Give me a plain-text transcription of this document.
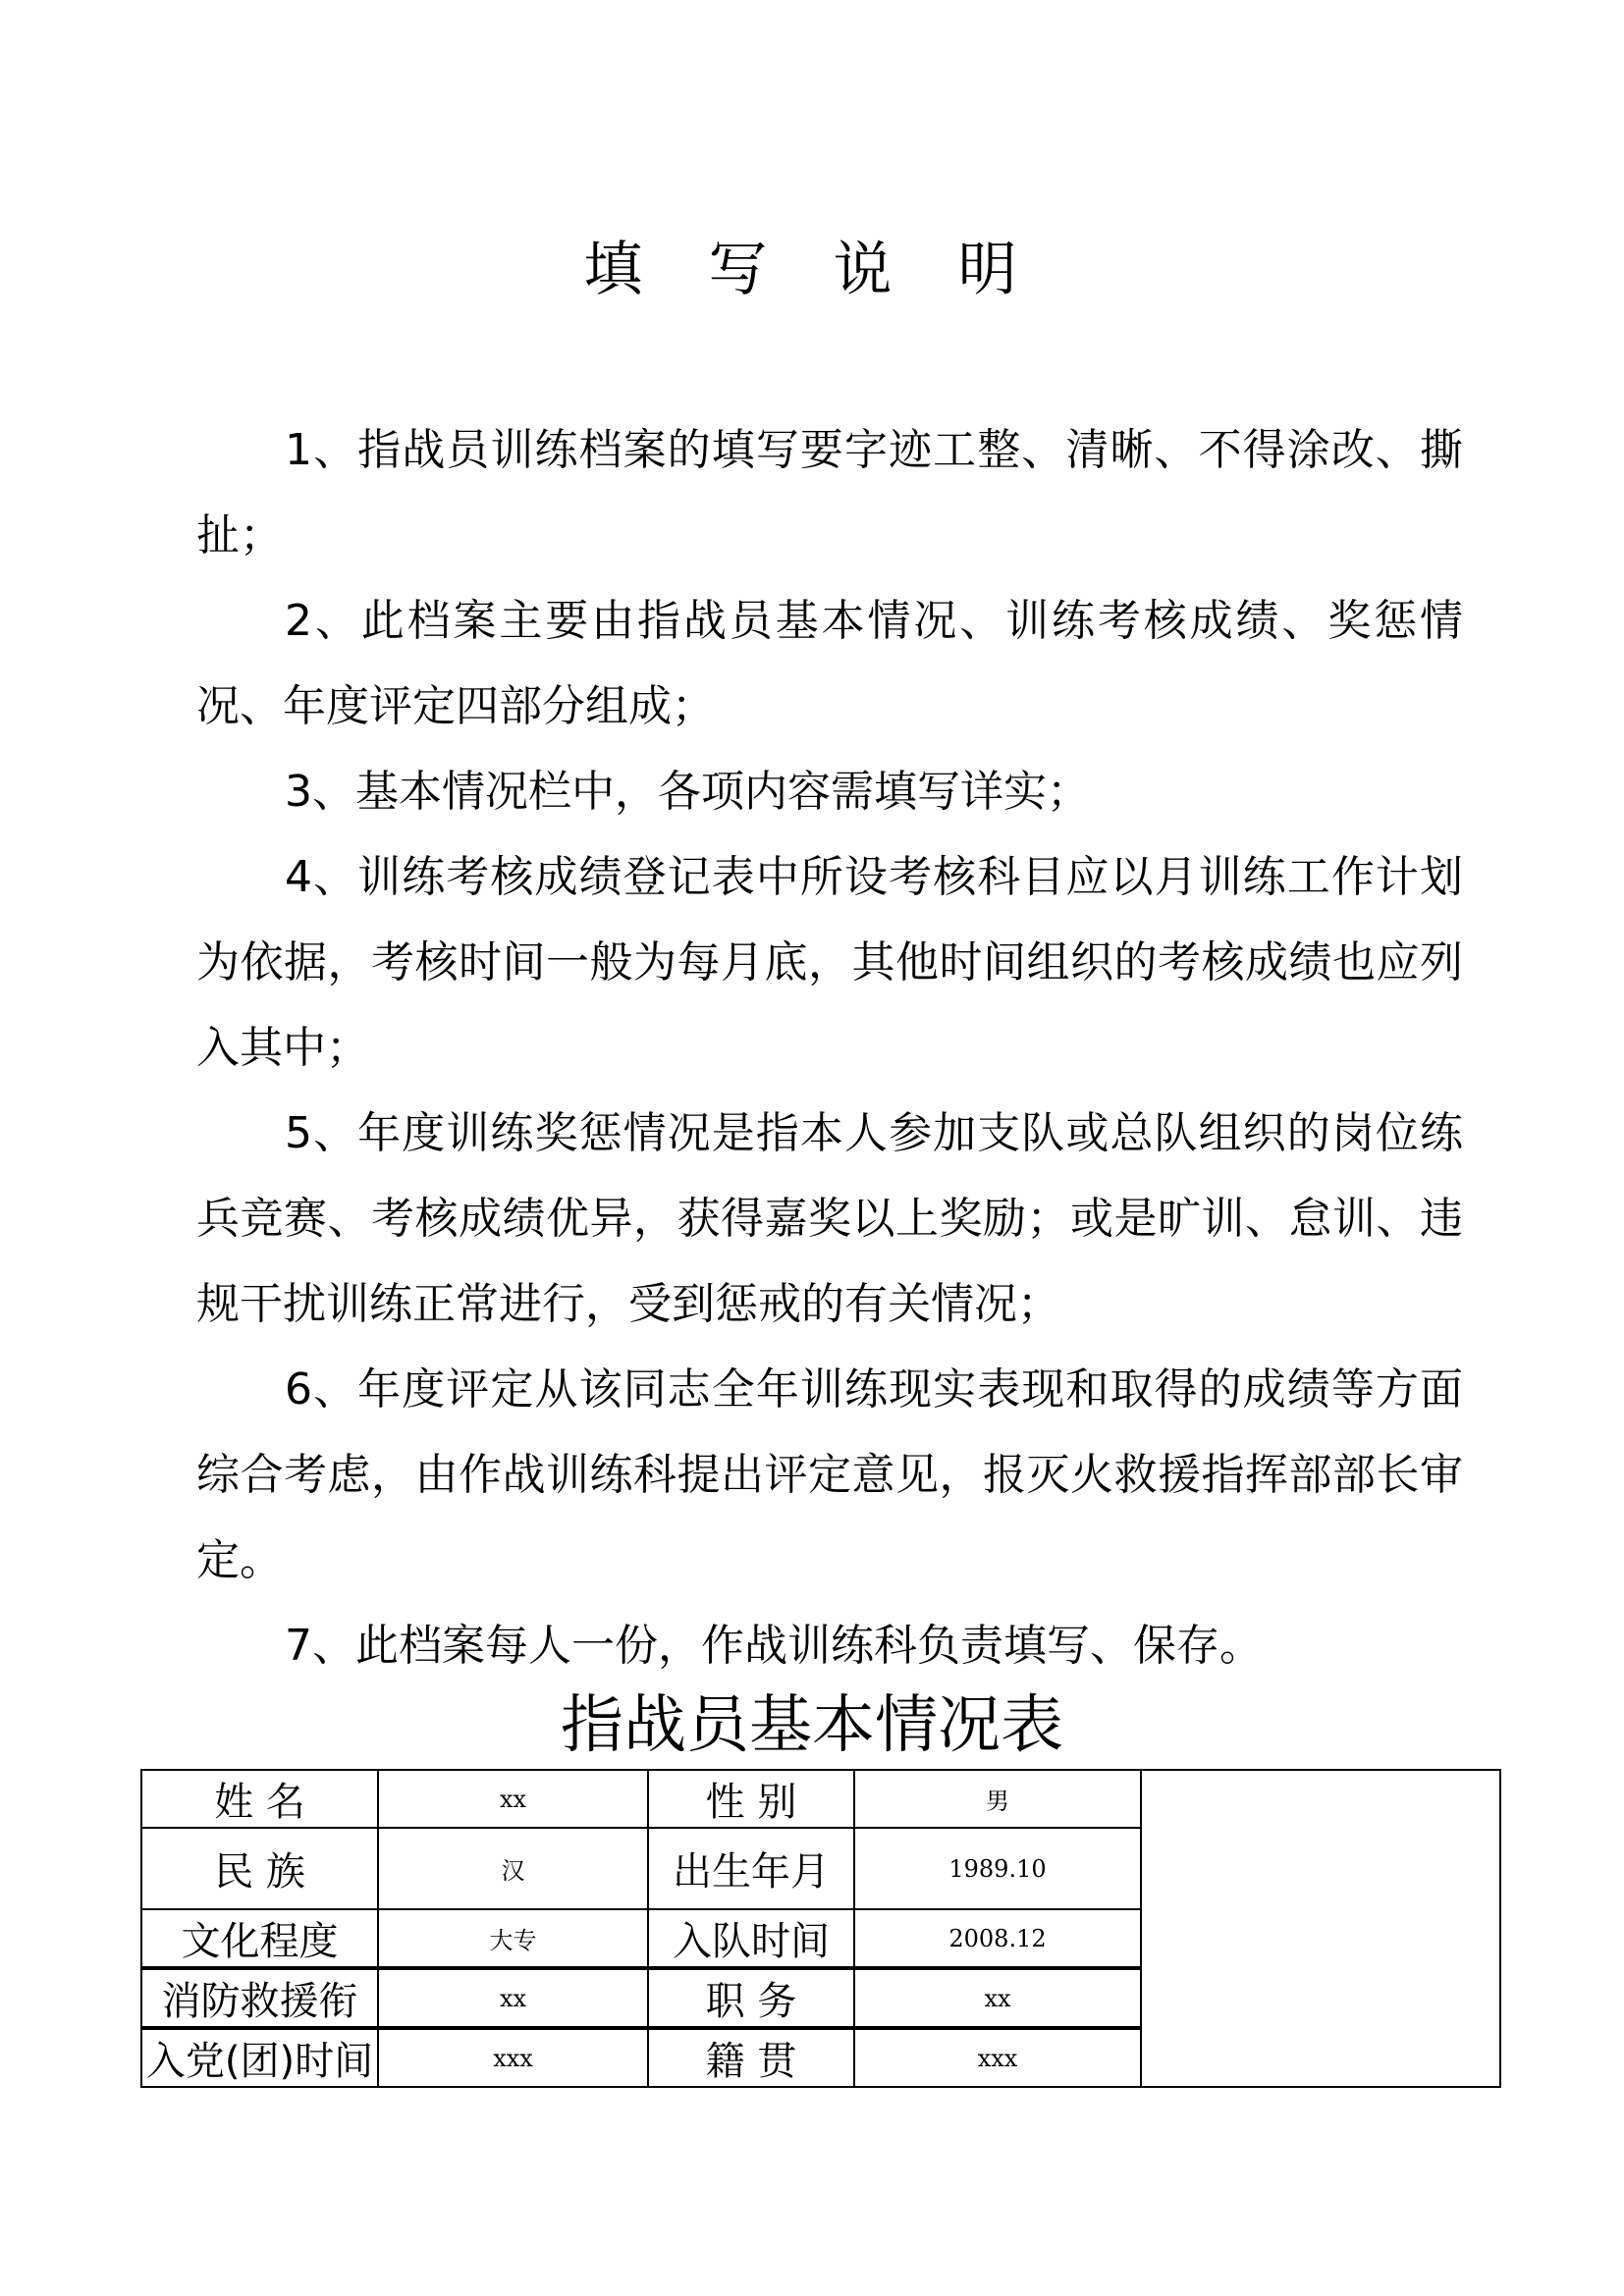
填 写 说 明

1、指战员训练档案的填写要字迹工整、清晰、不得涂改、撕扯；

2、此档案主要由指战员基本情况、训练考核成绩、奖惩情况、年度评定四部分组成；

3、基本情况栏中，各项内容需填写详实；

4、训练考核成绩登记表中所设考核科目应以月训练工作计划为依据，考核时间一般为每月底，其他时间组织的考核成绩也应列入其中；

5、年度训练奖惩情况是指本人参加支队或总队组织的岗位练兵竞赛、考核成绩优异，获得嘉奖以上奖励；或是旷训、怠训、违规干扰训练正常进行，受到惩戒的有关情况；

6、年度评定从该同志全年训练现实表现和取得的成绩等方面综合考虑，由作战训练科提出评定意见，报灭火救援指挥部部长审定。

7、此档案每人一份，作战训练科负责填写、保存。

指战员基本情况表
姓 名	xx	性 别	男	
民 族	汉	出生年月	1989.10	
文化程度	大专	入队时间	2008.12	
消防救援衔	xx	职 务	xx	
入党(团)时间	xxx	籍 贯	xxx	
